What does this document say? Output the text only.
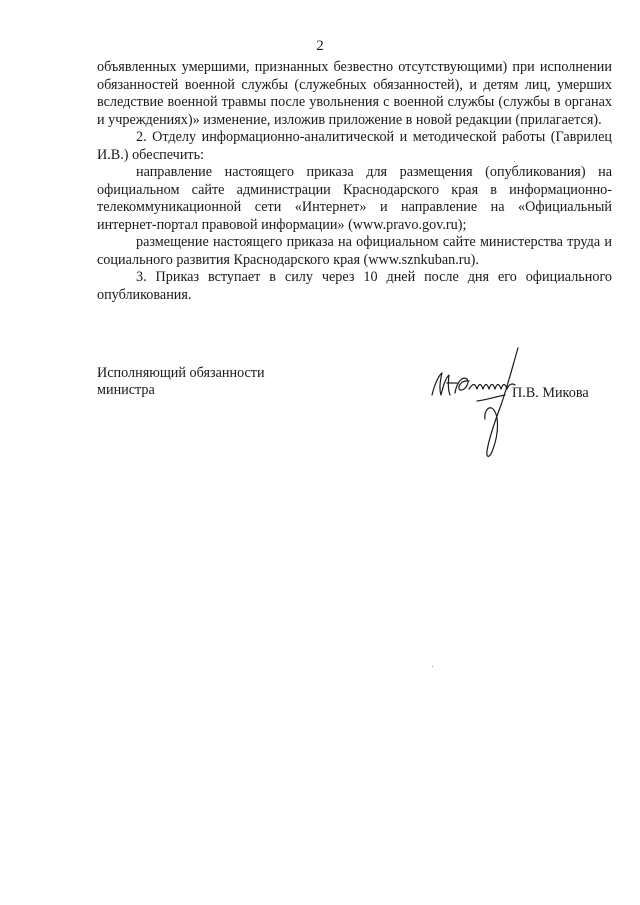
2

объявленных умершими, признанных безвестно отсутствующими) при исполнении обязанностей военной службы (служебных обязанностей), и детям лиц, умерших вследствие военной травмы после увольнения с военной службы (службы в органах и учреждениях)» изменение, изложив приложение в новой редакции (прилагается).

2. Отделу информационно-аналитической и методической работы (Гаврилец И.В.) обеспечить:

направление настоящего приказа для размещения (опубликования) на официальном сайте администрации Краснодарского края в информационно-телекоммуникационной сети «Интернет» и направление на «Официальный интернет-портал правовой информации» (www.pravo.gov.ru);

размещение настоящего приказа на официальном сайте министерства труда и социального развития Краснодарского края (www.sznkuban.ru).

3. Приказ вступает в силу через 10 дней после дня его официального опубликования.

Исполняющий обязанности
министра	П.В. Микова
